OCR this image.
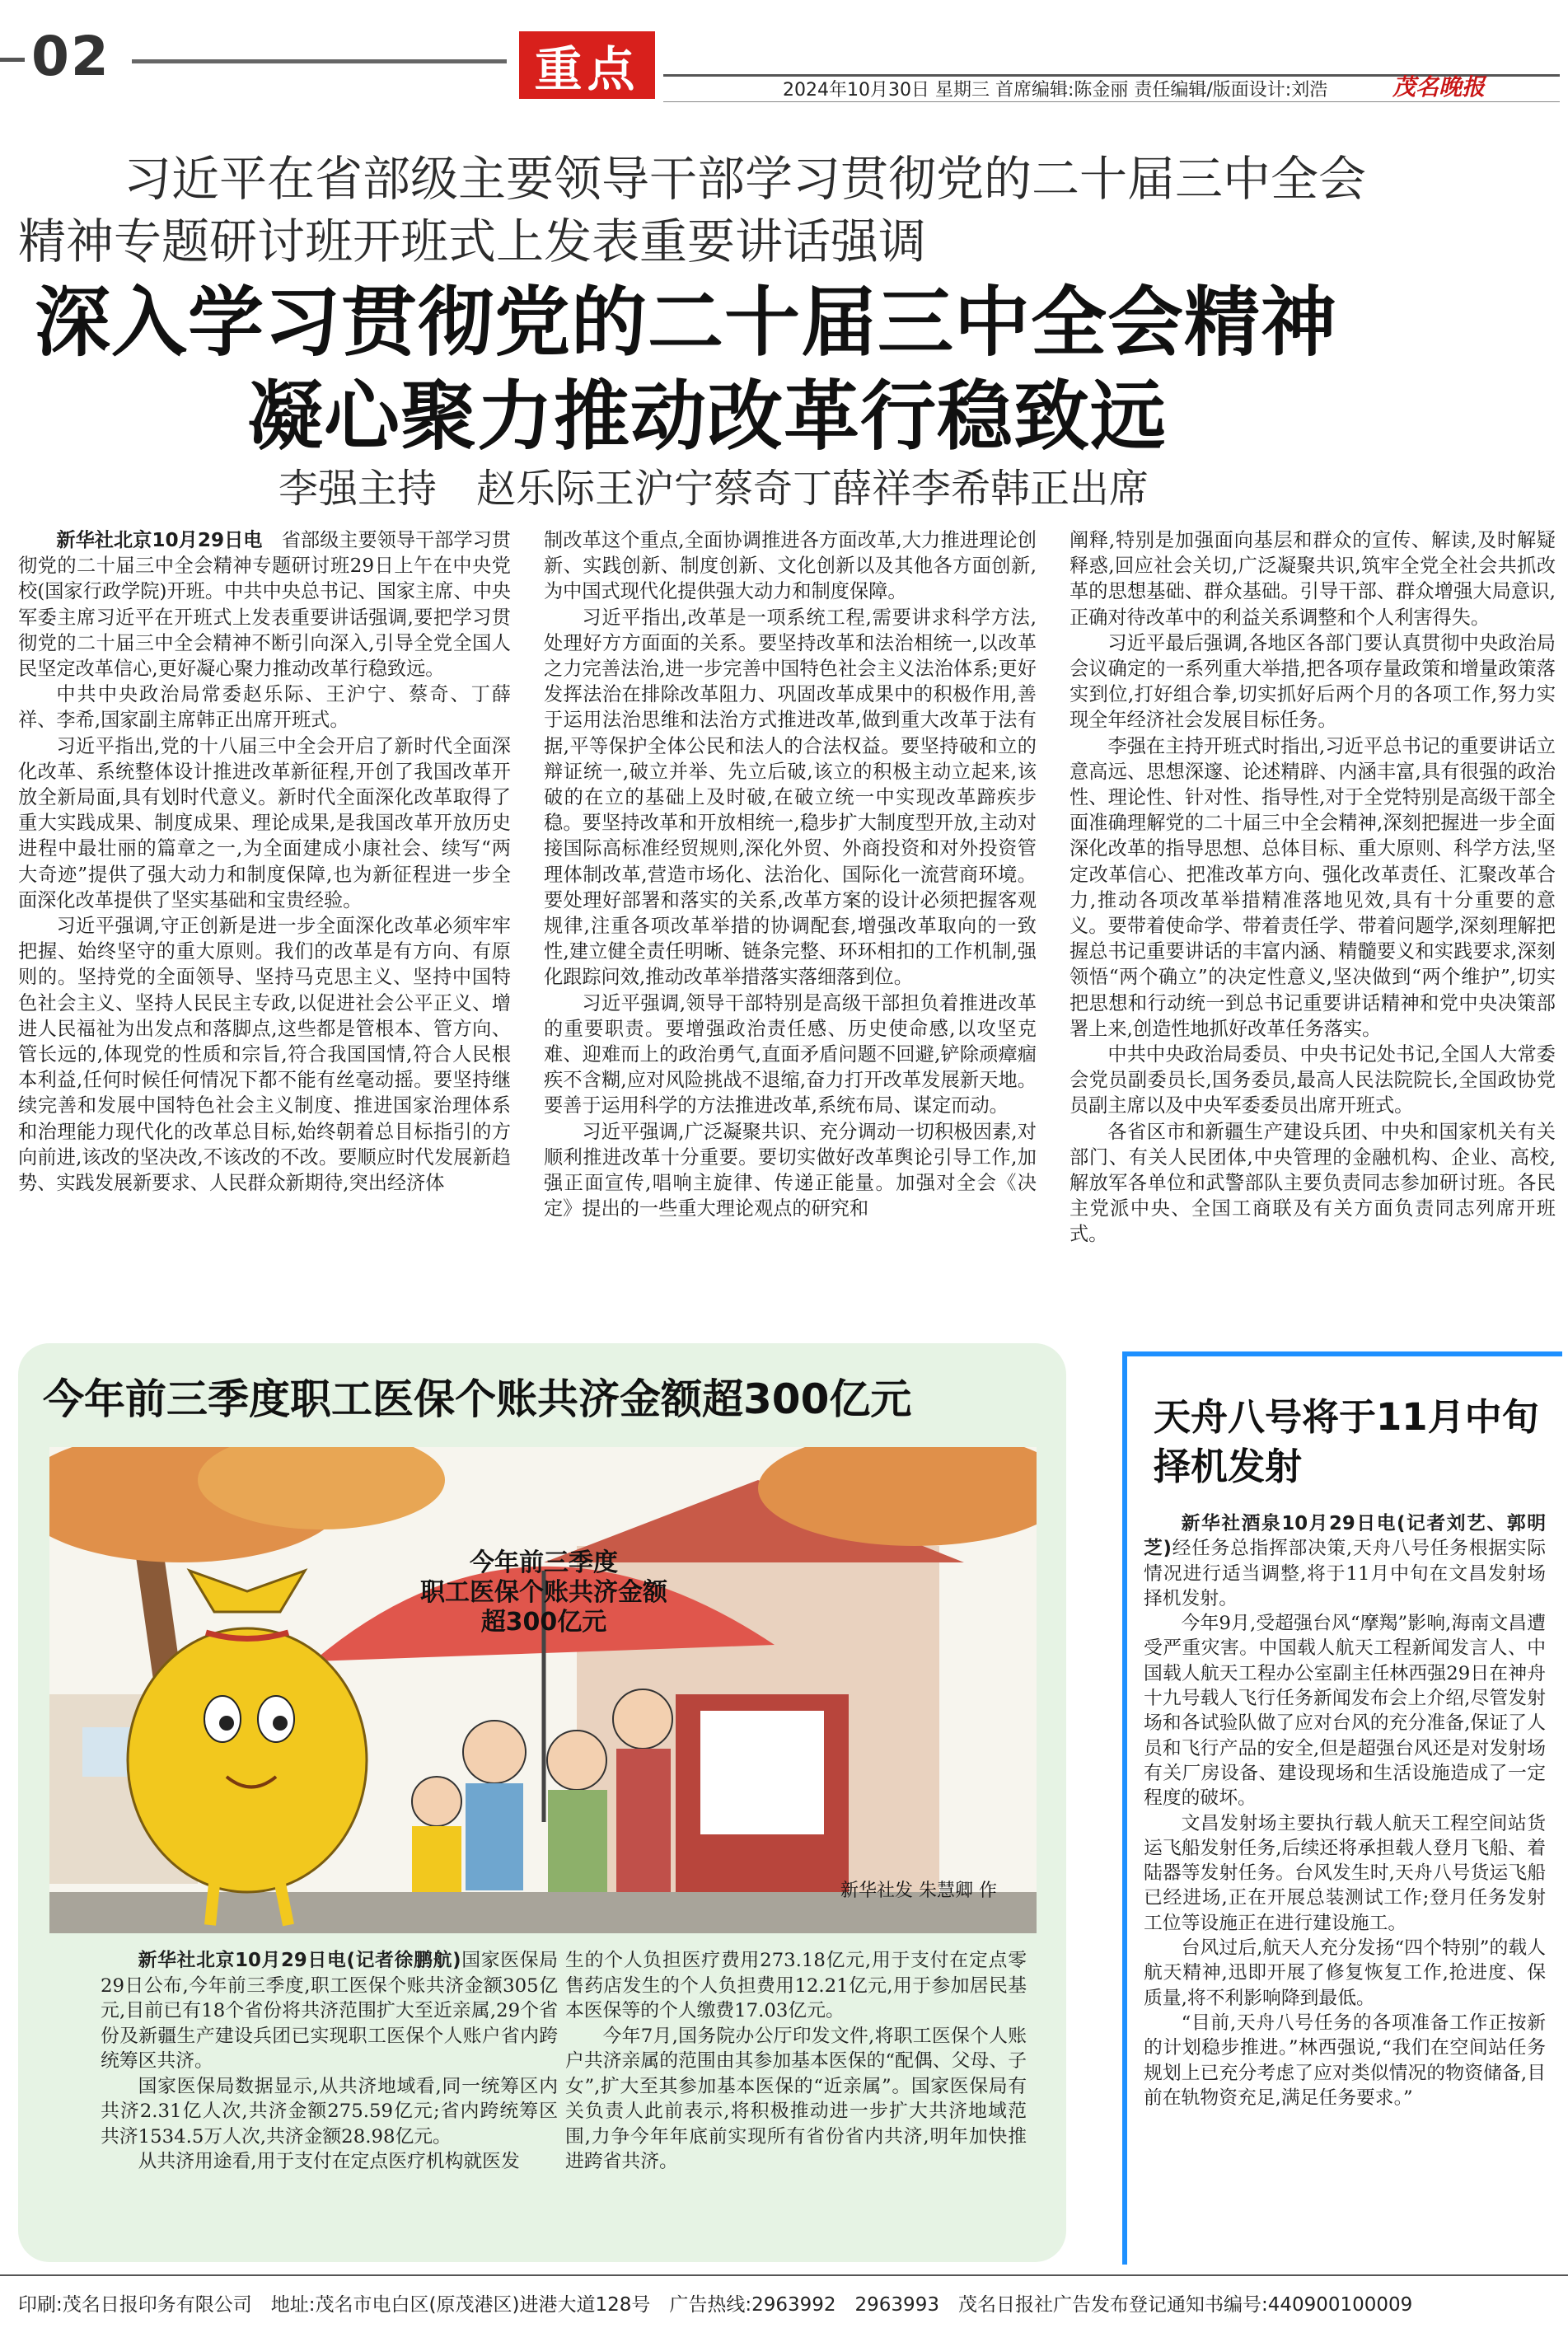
02	重点	2024年10月30日 星期三 首席编辑:陈金丽 责任编辑/版面设计:刘浩	茂名晚报
习近平在省部级主要领导干部学习贯彻党的二十届三中全会
精神专题研讨班开班式上发表重要讲话强调
深入学习贯彻党的二十届三中全会精神
凝心聚力推动改革行稳致远
李强主持　赵乐际王沪宁蔡奇丁薛祥李希韩正出席

新华社北京10月29日电　 省部级主要领导干部学习贯彻党的二十届三中全会精神专题研讨班29日上午在中央党校(国家行政学院)开班。中共中央总书记、国家主席、中央军委主席习近平在开班式上发表重要讲话强调,要把学习贯彻党的二十届三中全会精神不断引向深入,引导全党全国人民坚定改革信心,更好凝心聚力推动改革行稳致远。

中共中央政治局常委赵乐际、王沪宁、蔡奇、丁薛祥、李希,国家副主席韩正出席开班式。

习近平指出,党的十八届三中全会开启了新时代全面深化改革、系统整体设计推进改革新征程,开创了我国改革开放全新局面,具有划时代意义。新时代全面深化改革取得了重大实践成果、制度成果、理论成果,是我国改革开放历史进程中最壮丽的篇章之一,为全面建成小康社会、续写“两大奇迹”提供了强大动力和制度保障,也为新征程进一步全面深化改革提供了坚实基础和宝贵经验。

习近平强调,守正创新是进一步全面深化改革必须牢牢把握、始终坚守的重大原则。我们的改革是有方向、有原则的。坚持党的全面领导、坚持马克思主义、坚持中国特色社会主义、坚持人民民主专政,以促进社会公平正义、增进人民福祉为出发点和落脚点,这些都是管根本、管方向、管长远的,体现党的性质和宗旨,符合我国国情,符合人民根本利益,任何时候任何情况下都不能有丝毫动摇。要坚持继续完善和发展中国特色社会主义制度、推进国家治理体系和治理能力现代化的改革总目标,始终朝着总目标指引的方向前进,该改的坚决改,不该改的不改。要顺应时代发展新趋势、实践发展新要求、人民群众新期待,突出经济体

制改革这个重点,全面协调推进各方面改革,大力推进理论创新、实践创新、制度创新、文化创新以及其他各方面创新,为中国式现代化提供强大动力和制度保障。

习近平指出,改革是一项系统工程,需要讲求科学方法,处理好方方面面的关系。要坚持改革和法治相统一,以改革之力完善法治,进一步完善中国特色社会主义法治体系;更好发挥法治在排除改革阻力、巩固改革成果中的积极作用,善于运用法治思维和法治方式推进改革,做到重大改革于法有据,平等保护全体公民和法人的合法权益。要坚持破和立的辩证统一,破立并举、先立后破,该立的积极主动立起来,该破的在立的基础上及时破,在破立统一中实现改革蹄疾步稳。要坚持改革和开放相统一,稳步扩大制度型开放,主动对接国际高标准经贸规则,深化外贸、外商投资和对外投资管理体制改革,营造市场化、法治化、国际化一流营商环境。要处理好部署和落实的关系,改革方案的设计必须把握客观规律,注重各项改革举措的协调配套,增强改革取向的一致性,建立健全责任明晰、链条完整、环环相扣的工作机制,强化跟踪问效,推动改革举措落实落细落到位。

习近平强调,领导干部特别是高级干部担负着推进改革的重要职责。要增强政治责任感、历史使命感,以攻坚克难、迎难而上的政治勇气,直面矛盾问题不回避,铲除顽瘴痼疾不含糊,应对风险挑战不退缩,奋力打开改革发展新天地。要善于运用科学的方法推进改革,系统布局、谋定而动。

习近平强调,广泛凝聚共识、充分调动一切积极因素,对顺利推进改革十分重要。要切实做好改革舆论引导工作,加强正面宣传,唱响主旋律、传递正能量。加强对全会《决定》提出的一些重大理论观点的研究和

阐释,特别是加强面向基层和群众的宣传、解读,及时解疑释惑,回应社会关切,广泛凝聚共识,筑牢全党全社会共抓改革的思想基础、群众基础。引导干部、群众增强大局意识,正确对待改革中的利益关系调整和个人利害得失。

习近平最后强调,各地区各部门要认真贯彻中央政治局会议确定的一系列重大举措,把各项存量政策和增量政策落实到位,打好组合拳,切实抓好后两个月的各项工作,努力实现全年经济社会发展目标任务。

李强在主持开班式时指出,习近平总书记的重要讲话立意高远、思想深邃、论述精辟、内涵丰富,具有很强的政治性、理论性、针对性、指导性,对于全党特别是高级干部全面准确理解党的二十届三中全会精神,深刻把握进一步全面深化改革的指导思想、总体目标、重大原则、科学方法,坚定改革信心、把准改革方向、强化改革责任、汇聚改革合力,推动各项改革举措精准落地见效,具有十分重要的意义。要带着使命学、带着责任学、带着问题学,深刻理解把握总书记重要讲话的丰富内涵、精髓要义和实践要求,深刻领悟“两个确立”的决定性意义,坚决做到“两个维护”,切实把思想和行动统一到总书记重要讲话精神和党中央决策部署上来,创造性地抓好改革任务落实。

中共中央政治局委员、中央书记处书记,全国人大常委会党员副委员长,国务委员,最高人民法院院长,全国政协党员副主席以及中央军委委员出席开班式。

各省区市和新疆生产建设兵团、中央和国家机关有关部门、有关人民团体,中央管理的金融机构、企业、高校,解放军各单位和武警部队主要负责同志参加研讨班。各民主党派中央、全国工商联及有关方面负责同志列席开班式。

今年前三季度职工医保个账共济金额超300亿元
今年前三季度
职工医保个账共济金额
超300亿元
新华社发 朱慧卿 作

新华社北京10月29日电(记者徐鹏航)国家医保局29日公布,今年前三季度,职工医保个账共济金额305亿元,目前已有18个省份将共济范围扩大至近亲属,29个省份及新疆生产建设兵团已实现职工医保个人账户省内跨统筹区共济。

国家医保局数据显示,从共济地域看,同一统筹区内共济2.31亿人次,共济金额275.59亿元;省内跨统筹区共济1534.5万人次,共济金额28.98亿元。

从共济用途看,用于支付在定点医疗机构就医发

生的个人负担医疗费用273.18亿元,用于支付在定点零售药店发生的个人负担费用12.21亿元,用于参加居民基本医保等的个人缴费17.03亿元。

今年7月,国务院办公厅印发文件,将职工医保个人账户共济亲属的范围由其参加基本医保的“配偶、父母、子女”,扩大至其参加基本医保的“近亲属”。国家医保局有关负责人此前表示,将积极推动进一步扩大共济地域范围,力争今年年底前实现所有省份省内共济,明年加快推进跨省共济。

天舟八号将于11月中旬择机发射

新华社酒泉10月29日电(记者刘艺、郭明芝)经任务总指挥部决策,天舟八号任务根据实际情况进行适当调整,将于11月中旬在文昌发射场择机发射。

今年9月,受超强台风“摩羯”影响,海南文昌遭受严重灾害。中国载人航天工程新闻发言人、中国载人航天工程办公室副主任林西强29日在神舟十九号载人飞行任务新闻发布会上介绍,尽管发射场和各试验队做了应对台风的充分准备,保证了人员和飞行产品的安全,但是超强台风还是对发射场有关厂房设备、建设现场和生活设施造成了一定程度的破坏。

文昌发射场主要执行载人航天工程空间站货运飞船发射任务,后续还将承担载人登月飞船、着陆器等发射任务。台风发生时,天舟八号货运飞船已经进场,正在开展总装测试工作;登月任务发射工位等设施正在进行建设施工。

台风过后,航天人充分发扬“四个特别”的载人航天精神,迅即开展了修复恢复工作,抢进度、保质量,将不利影响降到最低。

“目前,天舟八号任务的各项准备工作正按新的计划稳步推进。”林西强说,“我们在空间站任务规划上已充分考虑了应对类似情况的物资储备,目前在轨物资充足,满足任务要求。”

印刷:茂名日报印务有限公司　地址:茂名市电白区(原茂港区)进港大道128号　广告热线:2963992　2963993　茂名日报社广告发布登记通知书编号:440900100009
